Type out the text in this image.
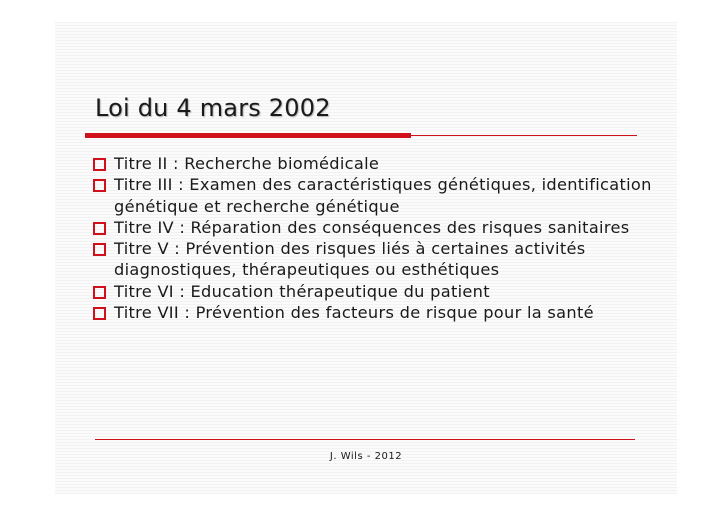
Loi du 4 mars 2002
Titre II : Recherche biomédicale
Titre III : Examen des caractéristiques génétiques, identification génétique et recherche génétique
Titre IV : Réparation des conséquences des risques sanitaires
Titre V : Prévention des risques liés à certaines activités diagnostiques, thérapeutiques ou esthétiques
Titre VI : Education thérapeutique du patient
Titre VII : Prévention des facteurs de risque pour la santé
J. Wils - 2012
